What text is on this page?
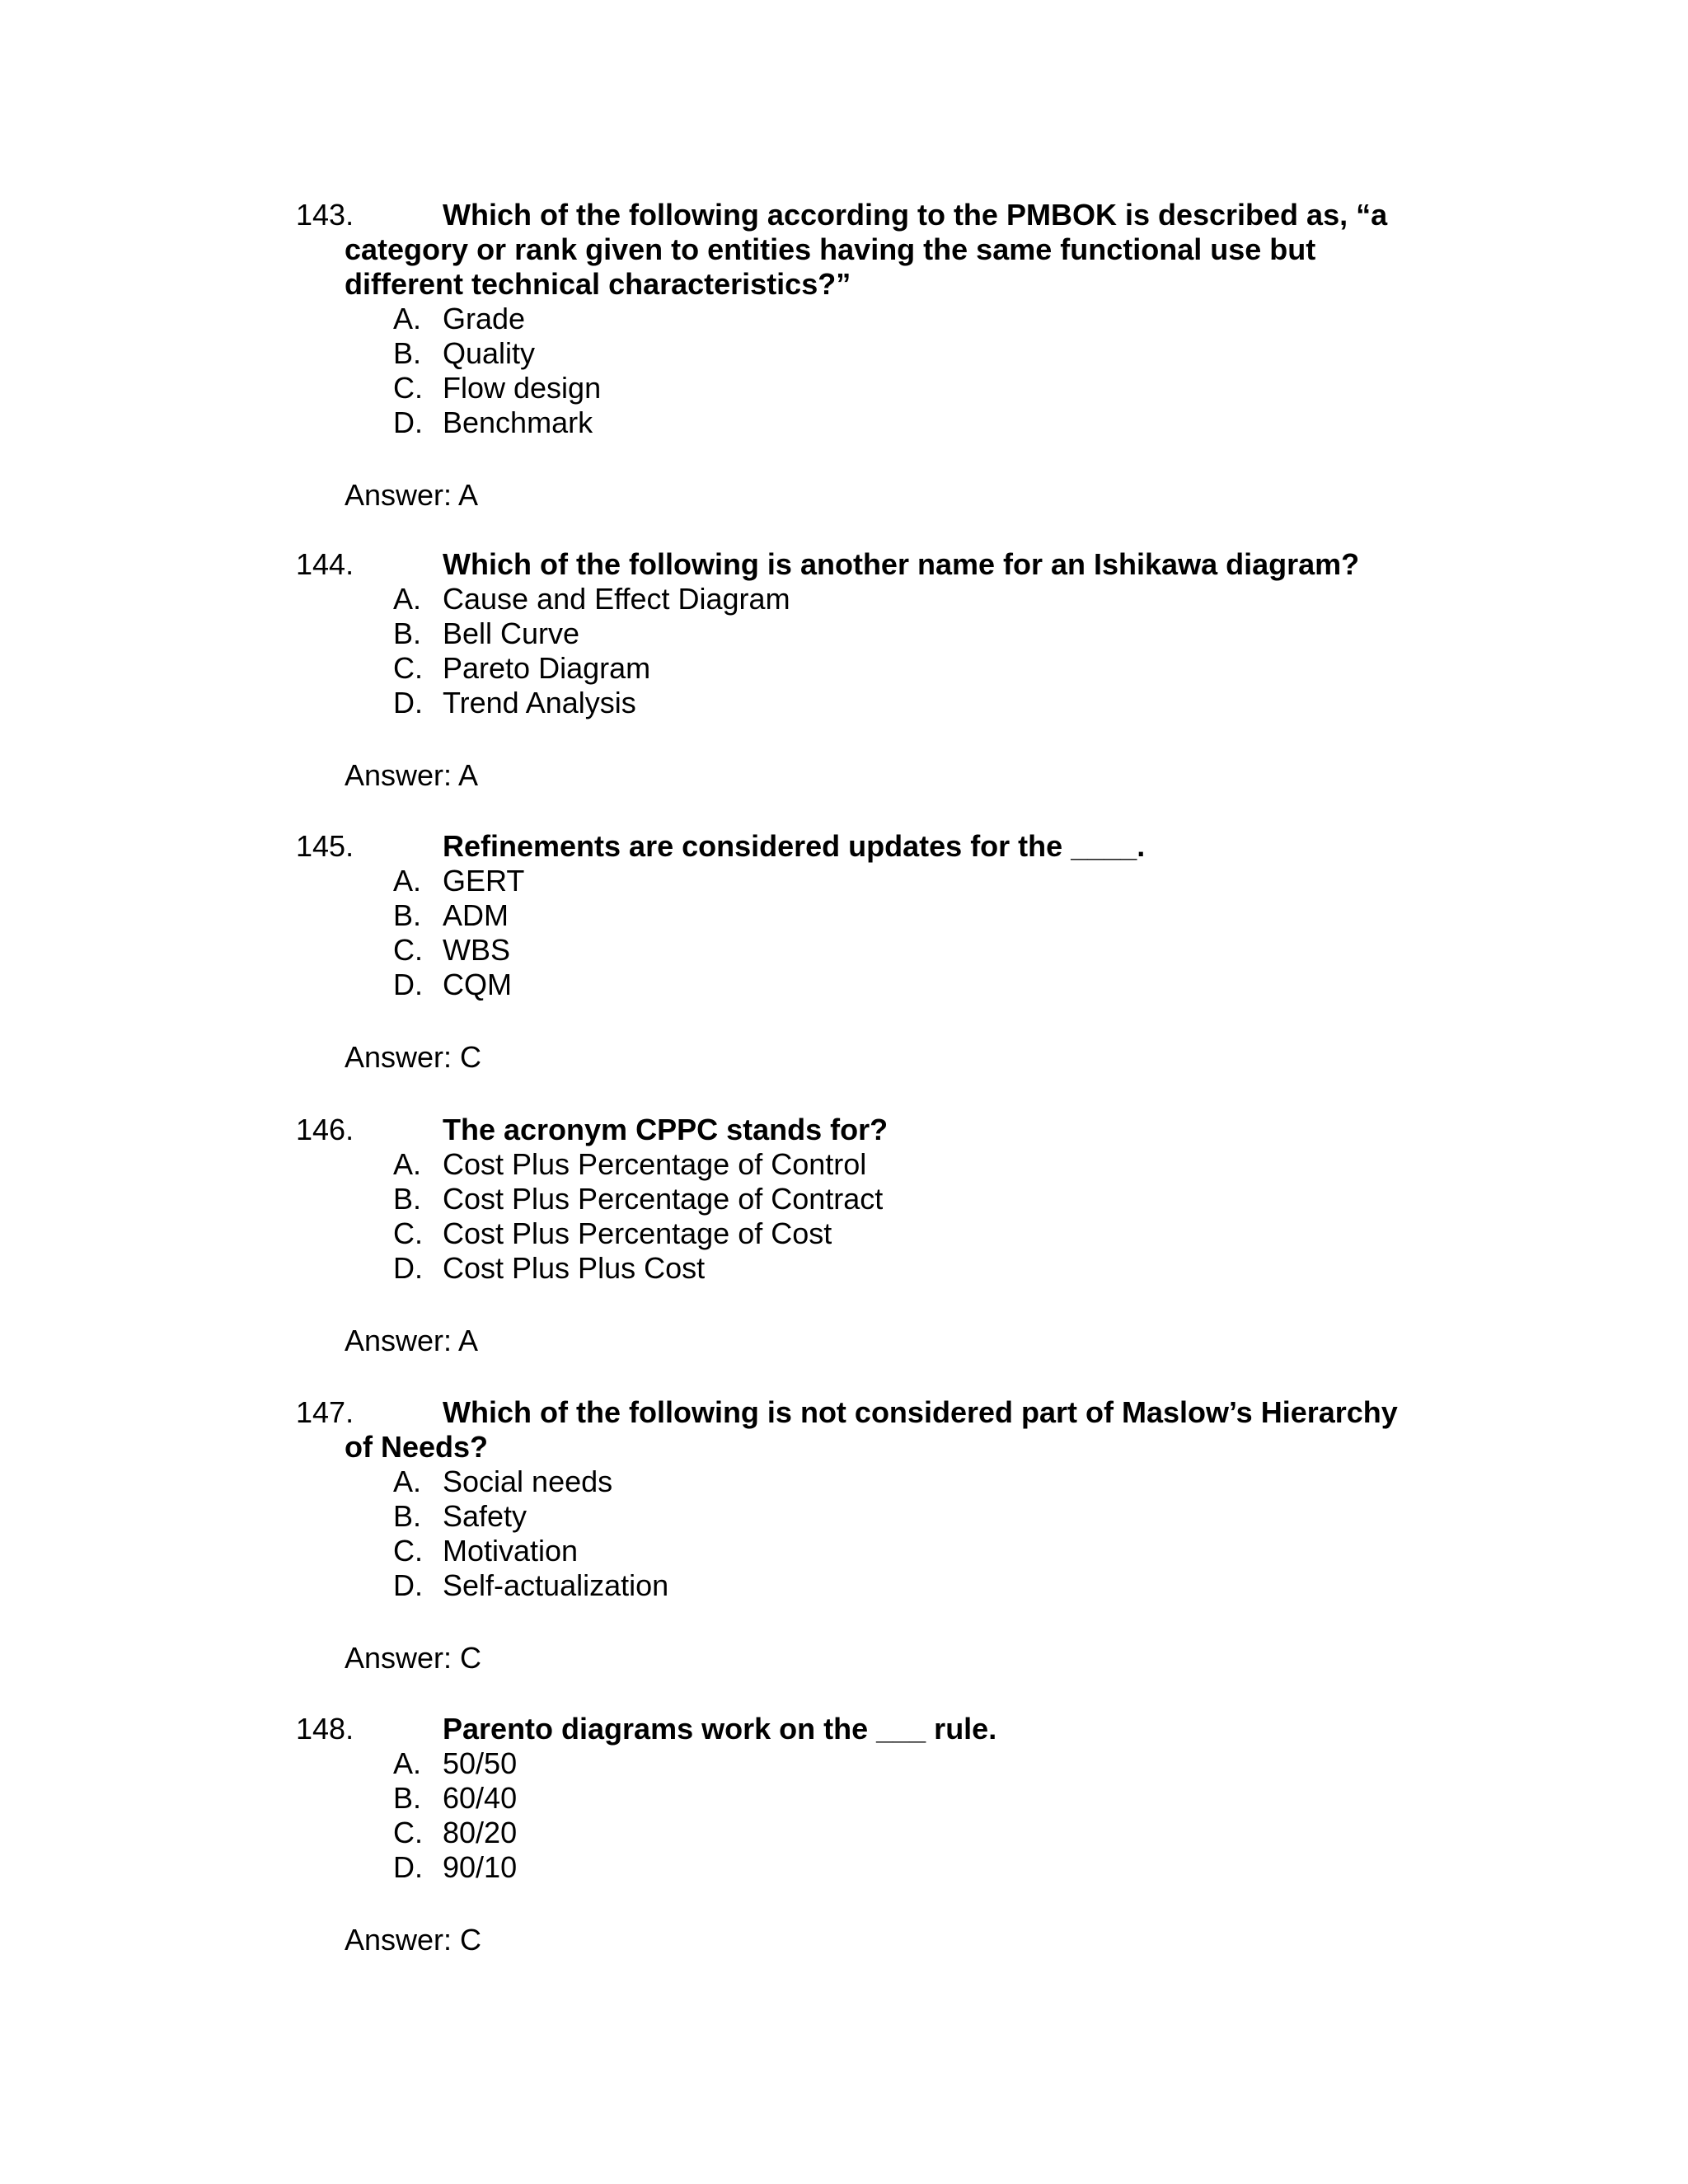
143.	Which of the following according to the PMBOK is described as, “a
category or rank given to entities having the same functional use but
different technical characteristics?”
A. Grade
B. Quality
C. Flow design
D. Benchmark
Answer: A
144.	Which of the following is another name for an Ishikawa diagram?
A. Cause and Effect Diagram
B. Bell Curve
C. Pareto Diagram
D. Trend Analysis
Answer: A
145.	Refinements are considered updates for the ____.
A. GERT
B. ADM
C. WBS
D. CQM
Answer: C
146.	The acronym CPPC stands for?
A. Cost Plus Percentage of Control
B. Cost Plus Percentage of Contract
C. Cost Plus Percentage of Cost
D. Cost Plus Plus Cost
Answer: A
147.	Which of the following is not considered part of Maslow’s Hierarchy
of Needs?
A. Social needs
B. Safety
C. Motivation
D. Self-actualization
Answer: C
148.	Parento diagrams work on the ___ rule.
A. 50/50
B. 60/40
C. 80/20
D. 90/10
Answer: C
